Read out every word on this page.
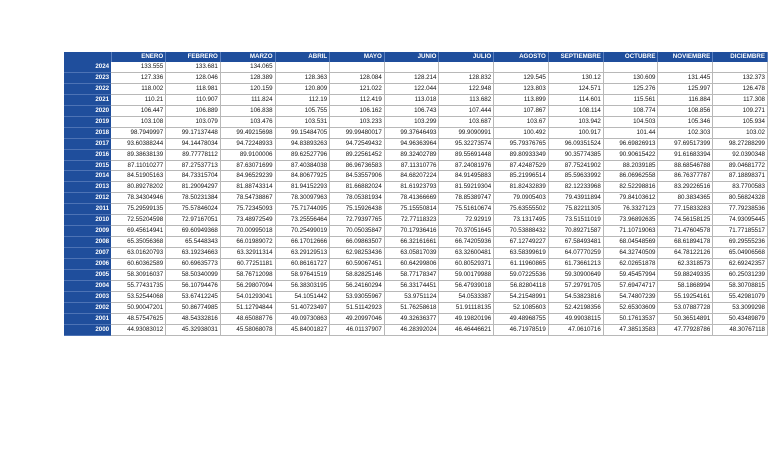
	ENERO	FEBRERO	MARZO	ABRIL	MAYO	JUNIO	JULIO	AGOSTO	SEPTIEMBRE	OCTUBRE	NOVIEMBRE	DICIEMBRE
2024	133.555	133.681	134.065									
2023	127.336	128.046	128.389	128.363	128.084	128.214	128.832	129.545	130.12	130.609	131.445	132.373
2022	118.002	118.981	120.159	120.809	121.022	122.044	122.948	123.803	124.571	125.276	125.997	126.478
2021	110.21	110.907	111.824	112.19	112.419	113.018	113.682	113.899	114.601	115.561	116.884	117.308
2020	106.447	106.889	106.838	105.755	106.162	106.743	107.444	107.867	108.114	108.774	108.856	109.271
2019	103.108	103.079	103.476	103.531	103.233	103.299	103.687	103.67	103.942	104.503	105.346	105.934
2018	98.7949997	99.17137448	99.49215698	99.15484705	99.99480017	99.37646493	99.9090991	100.492	100.917	101.44	102.303	103.02
2017	93.60388244	94.14478034	94.72248933	94.83893263	94.72549432	94.96363964	95.32273574	95.79376765	96.09351524	96.69826913	97.69517399	98.27288299
2016	89.38638139	89.77778112	89.9100006	89.62527796	89.22561452	89.32402789	89.55691448	89.80933349	90.35774385	90.90615422	91.61683394	92.0390348
2015	87.11010277	87.27537713	87.63071699	87.40384038	86.96736583	87.11310776	87.24081976	87.42487529	87.75241902	88.2039185	88.68546788	89.04681772
2014	84.51905163	84.73315704	84.96529239	84.80677925	84.53557906	84.68207224	84.91495883	85.21996514	85.59633992	86.06962558	86.76377787	87.18898371
2013	80.89278202	81.29094297	81.88743314	81.94152293	81.66882024	81.61923793	81.59219304	81.82432839	82.12233968	82.52298816	83.29226516	83.7700583
2012	78.34304946	78.50231384	78.54738867	78.30097963	78.05381934	78.41366669	78.85389747	79.0905403	79.43911894	79.84103612	80.3834365	80.56824328
2011	75.29599135	75.57846024	75.72345093	75.71744095	75.15926438	75.15550814	75.51610674	75.63555502	75.82211305	76.3327123	77.15833283	77.79238536
2010	72.55204598	72.97167051	73.48972549	73.25556464	72.79397765	72.77118323	72.92919	73.1317495	73.51511019	73.96892635	74.56158125	74.93095445
2009	69.45614941	69.60949368	70.00995018	70.25499019	70.05035847	70.17936416	70.37051645	70.53888432	70.89271587	71.10719063	71.47604578	71.77185517
2008	65.35056368	65.5448343	66.01989072	66.17012666	66.09863507	66.32161661	66.74205936	67.12749227	67.58493481	68.04548569	68.61894178	69.29555236
2007	63.01620793	63.19234663	63.32911314	63.29129513	62.98253436	63.05817039	63.32600481	63.58399619	64.07770259	64.32740509	64.78122126	65.04906568
2006	60.60362589	60.69635773	60.77251181	60.86161727	60.59067451	60.64299806	60.80529371	61.11960865	61.73661213	62.02651878	62.3318573	62.69242357
2005	58.30916037	58.50340099	58.76712098	58.97641519	58.82825146	58.77178347	59.00179988	59.07225536	59.30900649	59.45457994	59.88249335	60.25031239
2004	55.77431735	56.10794476	56.29807094	56.38303195	56.24160294	56.33174451	56.47939018	56.82804118	57.29791705	57.69474717	58.1868994	58.30708815
2003	53.52544068	53.67412245	54.01293041	54.1051442	53.93055967	53.9751124	54.0533387	54.21548991	54.53823816	54.74807239	55.19254161	55.42981079
2002	50.90047201	50.86774985	51.12794844	51.40723497	51.51142923	51.76258618	51.91118135	52.1085603	52.42198356	52.65303609	53.07887728	53.3099298
2001	48.57547625	48.54332816	48.65088776	49.09730863	49.20997046	49.32636377	49.19820196	49.48968755	49.99038115	50.17613537	50.36514891	50.43489879
2000	44.93083012	45.32938031	45.58068078	45.84001827	46.01137907	46.28392024	46.46446621	46.71978519	47.0610716	47.38513583	47.77928786	48.30767118
